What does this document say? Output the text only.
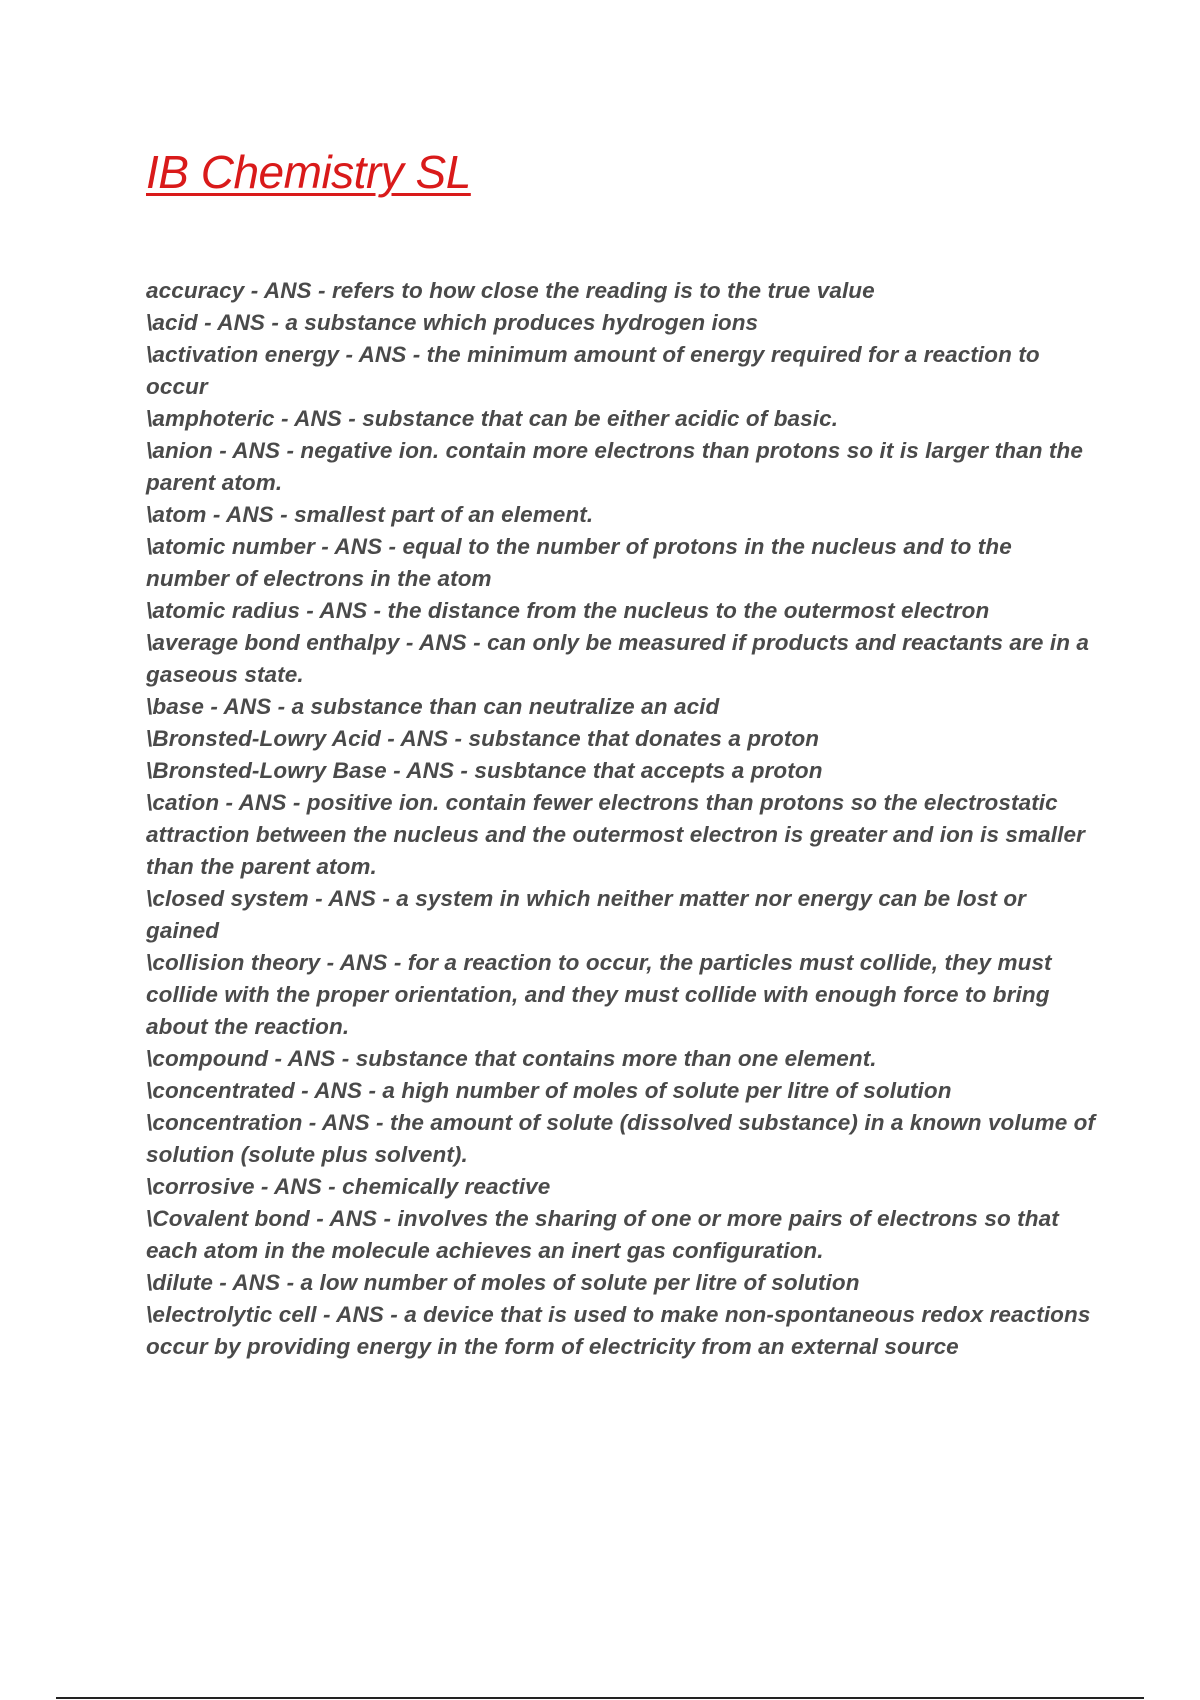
IB Chemistry SL
accuracy - ANS - refers to how close the reading is to the true value
\acid - ANS - a substance which produces hydrogen ions
\activation energy - ANS - the minimum amount of energy required for a reaction to occur
\amphoteric - ANS - substance that can be either acidic of basic.
\anion - ANS - negative ion. contain more electrons than protons so it is larger than the parent atom.
\atom - ANS - smallest part of an element.
\atomic number - ANS - equal to the number of protons in the nucleus and to the number of electrons in the atom
\atomic radius - ANS - the distance from the nucleus to the outermost electron
\average bond enthalpy - ANS - can only be measured if products and reactants are in a gaseous state.
\base - ANS - a substance than can neutralize an acid
\Bronsted-Lowry Acid - ANS - substance that donates a proton
\Bronsted-Lowry Base - ANS - susbtance that accepts a proton
\cation - ANS - positive ion. contain fewer electrons than protons so the electrostatic attraction between the nucleus and the outermost electron is greater and ion is smaller than the parent atom.
\closed system - ANS - a system in which neither matter nor energy can be lost or gained
\collision theory - ANS - for a reaction to occur, the particles must collide, they must collide with the proper orientation, and they must collide with enough force to bring about the reaction.
\compound - ANS - substance that contains more than one element.
\concentrated - ANS - a high number of moles of solute per litre of solution
\concentration - ANS - the amount of solute (dissolved substance) in a known volume of solution (solute plus solvent).
\corrosive - ANS - chemically reactive
\Covalent bond - ANS - involves the sharing of one or more pairs of electrons so that each atom in the molecule achieves an inert gas configuration.
\dilute - ANS - a low number of moles of solute per litre of solution
\electrolytic cell - ANS - a device that is used to make non-spontaneous redox reactions occur by providing energy in the form of electricity from an external source
